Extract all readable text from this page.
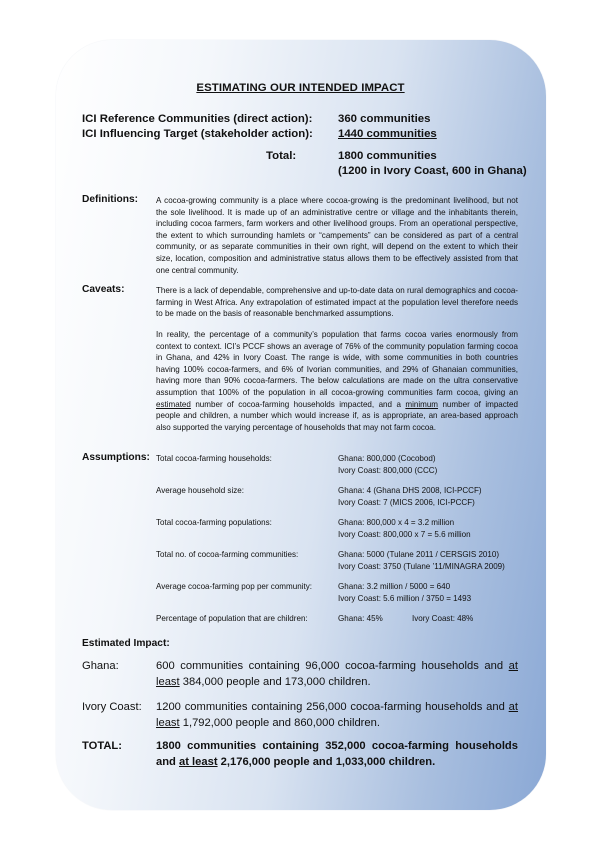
ESTIMATING OUR INTENDED IMPACT
ICI Reference Communities (direct action): 360 communities
ICI Influencing Target (stakeholder action): 1440 communities
Total:	1800 communities
(1200 in Ivory Coast, 600 in Ghana)
Definitions: A cocoa-growing community is a place where cocoa-growing is the predominant livelihood, but not the sole livelihood. It is made up of an administrative centre or village and the inhabitants therein, including cocoa farmers, farm workers and other livelihood groups. From an operational perspective, the extent to which surrounding hamlets or “campements” can be considered as part of a central community, or as separate communities in their own right, will depend on the extent to which their size, location, composition and administrative status allows them to be effectively assisted from that one central community.
Caveats:	There is a lack of dependable, comprehensive and up-to-date data on rural demographics and cocoa-farming in West Africa. Any extrapolation of estimated impact at the population level therefore needs to be made on the basis of reasonable benchmarked assumptions.
In reality, the percentage of a community’s population that farms cocoa varies enormously from context to context. ICI’s PCCF shows an average of 76% of the community population farming cocoa in Ghana, and 42% in Ivory Coast. The range is wide, with some communities in both countries having 100% cocoa-farmers, and 6% of Ivorian communities, and 29% of Ghanaian communities, having more than 90% cocoa-farmers. The below calculations are made on the ultra conservative assumption that 100% of the population in all cocoa-growing communities farm cocoa, giving an estimated number of cocoa-farming households impacted, and a minimum number of impacted people and children, a number which would increase if, as is appropriate, an area-based approach also supported the varying percentage of households that may not farm cocoa.
Assumptions: Total cocoa-farming households:	Ghana: 800,000 (Cocobod)
Ivory Coast: 800,000 (CCC)
Average household size:	Ghana: 4 (Ghana DHS 2008, ICI-PCCF)
Ivory Coast: 7 (MICS 2006, ICI-PCCF)
Total cocoa-farming populations:	Ghana: 800,000 x 4 = 3.2 million
Ivory Coast: 800,000 x 7 = 5.6 million
Total no. of cocoa-farming communities:	Ghana: 5000 (Tulane 2011 / CERSGIS 2010)
Ivory Coast: 3750 (Tulane ’11/MINAGRA 2009)
Average cocoa-farming pop per community:	Ghana: 3.2 million / 5000 = 640
Ivory Coast: 5.6 million / 3750 = 1493
Percentage of population that are children:	Ghana: 45%	Ivory Coast: 48%
Estimated Impact:
Ghana:	600 communities containing 96,000 cocoa-farming households and at least 384,000 people and 173,000 children.
Ivory Coast: 1200 communities containing 256,000 cocoa-farming households and at least 1,792,000 people and 860,000 children.
TOTAL:	1800 communities containing 352,000 cocoa-farming households and at least 2,176,000 people and 1,033,000 children.
